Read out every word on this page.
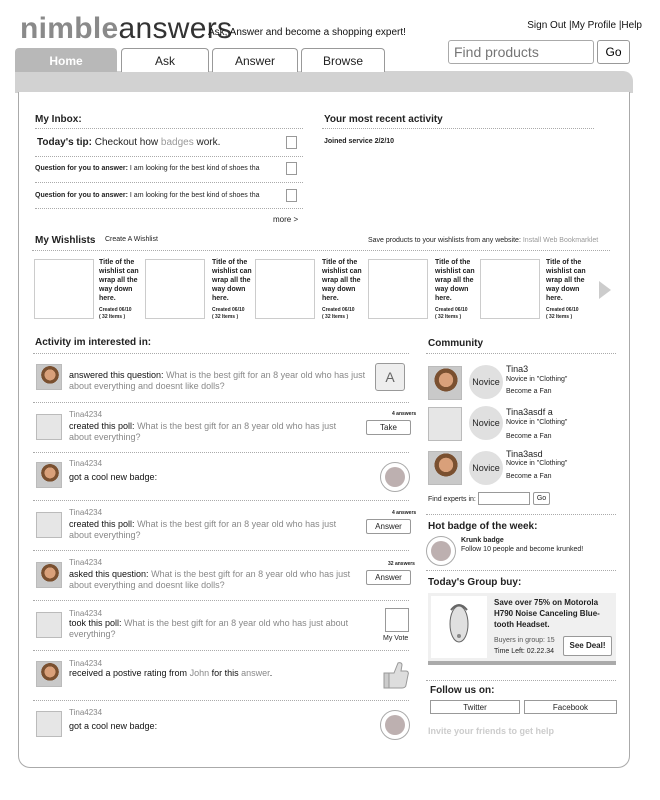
nimbleanswers
Ask, Answer and become a shopping expert!
Sign Out |My Profile |Help
Find products
Go
Home	Ask	Answer	Browse
My Inbox:
Today's tip: Checkout how badges work.
Question for you to answer: I am looking for the best kind of shoes tha
Question for you to answer: I am looking for the best kind of shoes tha
more >
Your most recent activity
Joined service 2/2/10
My Wishlists Create A Wishlist	Save products to your wishlists from any website: Install Web Bookmarklet
Title of the wishlist can wrap all the way down here.
Created 06/10
( 32 Items )
Title of the wishlist can wrap all the way down here.
Created 06/10
( 32 Items )
Title of the wishlist can wrap all the way down here.
Created 06/10
( 32 Items )
Title of the wishlist can wrap all the way down here.
Created 06/10
( 32 Items )
Title of the wishlist can wrap all the way down here.
Created 06/10
( 32 Items )
Activity im interested in:
answered this question: What is the best gift for an 8 year old who has just about everything and doesnt like dolls?
A
Tina4234
created this poll: What is the best gift for an 8 year old who has just about everything?
4 answers
Take
Tina4234
got a cool new badge:
Tina4234
created this poll: What is the best gift for an 8 year old who has just about everything?
4 answers
Answer
Tina4234
asked this question: What is the best gift for an 8 year old who has just about everything and doesnt like dolls?
32 answers
Answer
Tina4234
took this poll: What is the best gift for an 8 year old who has just about everything?	My Vote
Tina4234
received a postive rating from John for this answer.
Tina4234
got a cool new badge:
Community
Novice
Tina3
Novice in "Clothing"
Become a Fan
Novice
Tina3asdf a
Novice in "Clothing"
Become a Fan
Novice
Tina3asd
Novice in "Clothing"
Become a Fan
Find experts in:	Go
Hot badge of the week:
Krunk badge
Follow 10 people and become krunked!
Today's Group buy:
Save over 75% on Motorola H790 Noise Canceling Blue-tooth Headset.
Buyers in group: 15
Time Left: 02.22.34
See Deal!
Follow us on:
Twitter	Facebook
Invite your friends to get help
